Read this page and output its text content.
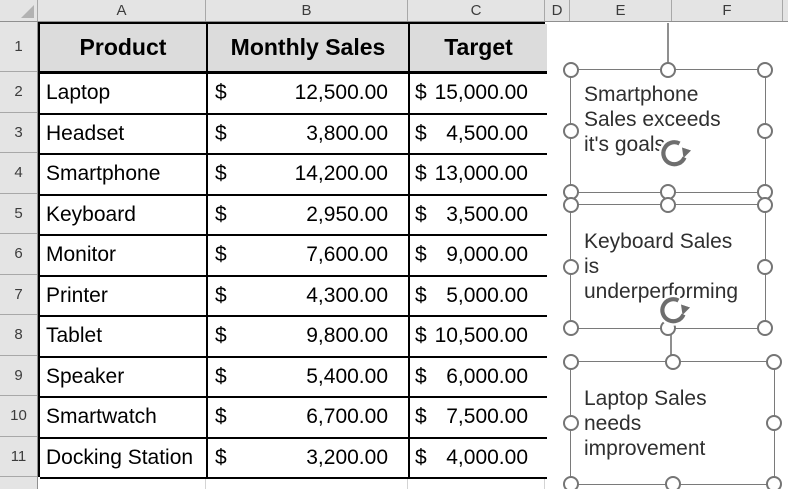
A	B	C	D	E	F
1
2
3
4
5
6
7
8
9
10
11
Product	Monthly Sales	Target
Laptop	$	12,500.00 $ 15,000.00
Headset	$	3,800.00 $ 4,500.00
Smartphone	$	14,200.00 $ 13,000.00
Keyboard	$	2,950.00 $ 3,500.00
Monitor	$	7,600.00 $ 9,000.00
Printer	$	4,300.00 $ 5,000.00
Tablet	$	9,800.00 $ 10,500.00
Speaker	$	5,400.00 $ 6,000.00
Smartwatch	$	6,700.00 $ 7,500.00
Docking Station $	3,200.00 $ 4,000.00
Smartphone
Sales exceeds
it's goals
Keyboard Sales
is
underperforming
Laptop Sales
needs
improvement
